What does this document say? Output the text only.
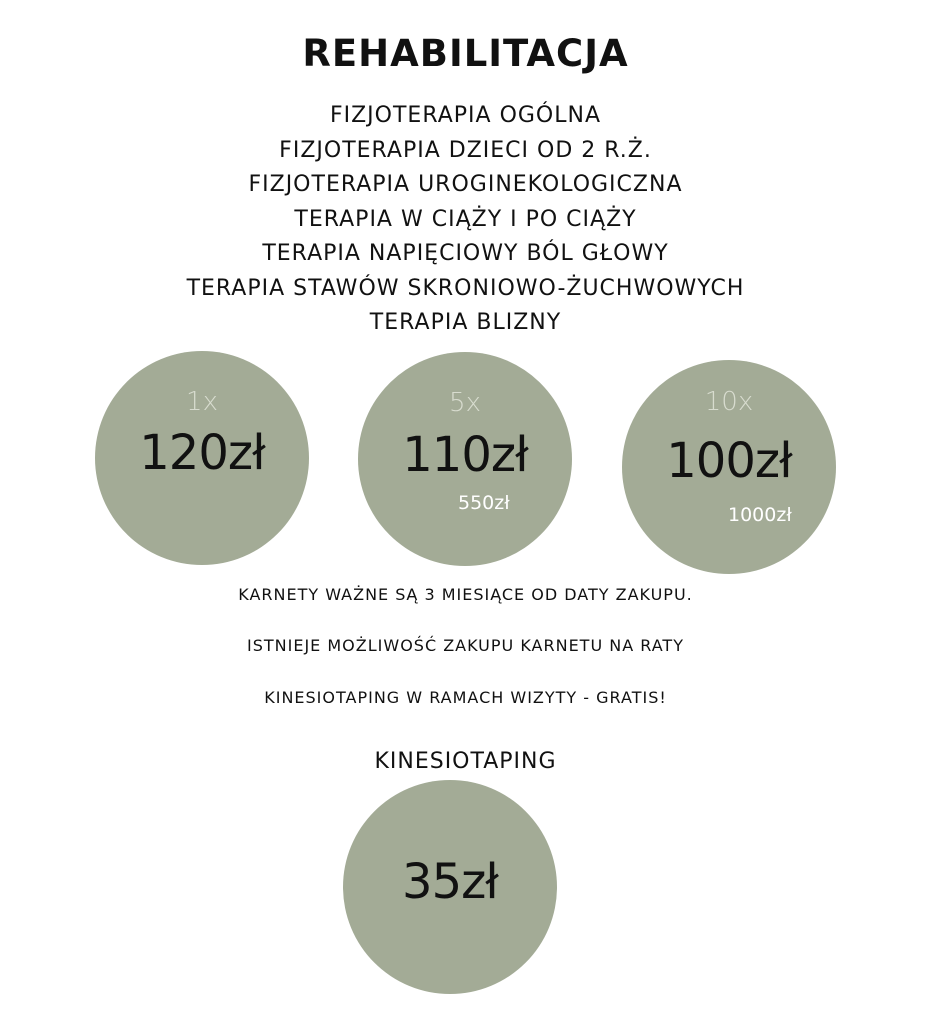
REHABILITACJA
FIZJOTERAPIA OGÓLNA
FIZJOTERAPIA DZIECI OD 2 R.Ż.
FIZJOTERAPIA UROGINEKOLOGICZNA
TERAPIA W CIĄŻY I PO CIĄŻY
TERAPIA NAPIĘCIOWY BÓL GŁOWY
TERAPIA STAWÓW SKRONIOWO-ŻUCHWOWYCH
TERAPIA BLIZNY
1x
120zł
5x
110zł
550zł
10x
100zł
1000zł
KARNETY WAŻNE SĄ 3 MIESIĄCE OD DATY ZAKUPU.
ISTNIEJE MOŻLIWOŚĆ ZAKUPU KARNETU NA RATY
KINESIOTAPING W RAMACH WIZYTY - GRATIS!
KINESIOTAPING
35zł
